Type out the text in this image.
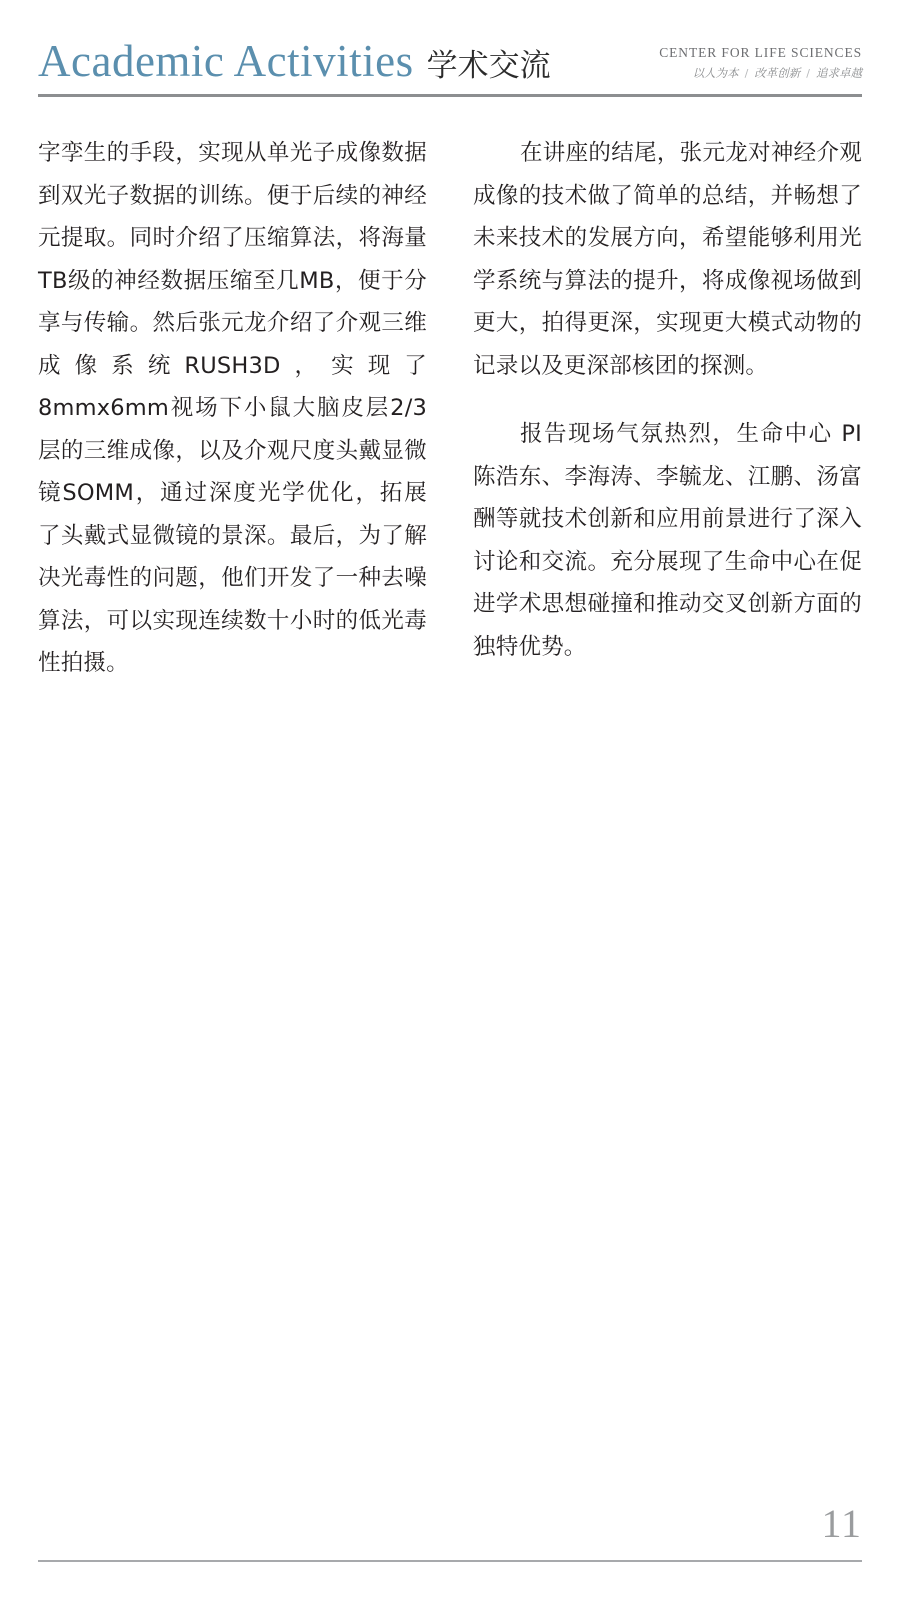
Academic Activities 学术交流	CENTER FOR LIFE SCIENCES
以人为本 / 改革创新 / 追求卓越

字孪生的手段，实现从单光子成像数据到双光子数据的训练。便于后续的神经元提取。同时介绍了压缩算法，将海量TB级的神经数据压缩至几MB，便于分享与传输。然后张元龙介绍了介观三维成像系统RUSH3D，实现了8mmx6mm视场下小鼠大脑皮层2/3层的三维成像，以及介观尺度头戴显微镜SOMM，通过深度光学优化，拓展了头戴式显微镜的景深。最后，为了解决光毒性的问题，他们开发了一种去噪算法，可以实现连续数十小时的低光毒性拍摄。

在讲座的结尾，张元龙对神经介观成像的技术做了简单的总结，并畅想了未来技术的发展方向，希望能够利用光学系统与算法的提升，将成像视场做到更大，拍得更深，实现更大模式动物的记录以及更深部核团的探测。

报告现场气氛热烈，生命中心 PI 陈浩东、李海涛、李毓龙、江鹏、汤富酬等就技术创新和应用前景进行了深入讨论和交流。充分展现了生命中心在促进学术思想碰撞和推动交叉创新方面的独特优势。

11
